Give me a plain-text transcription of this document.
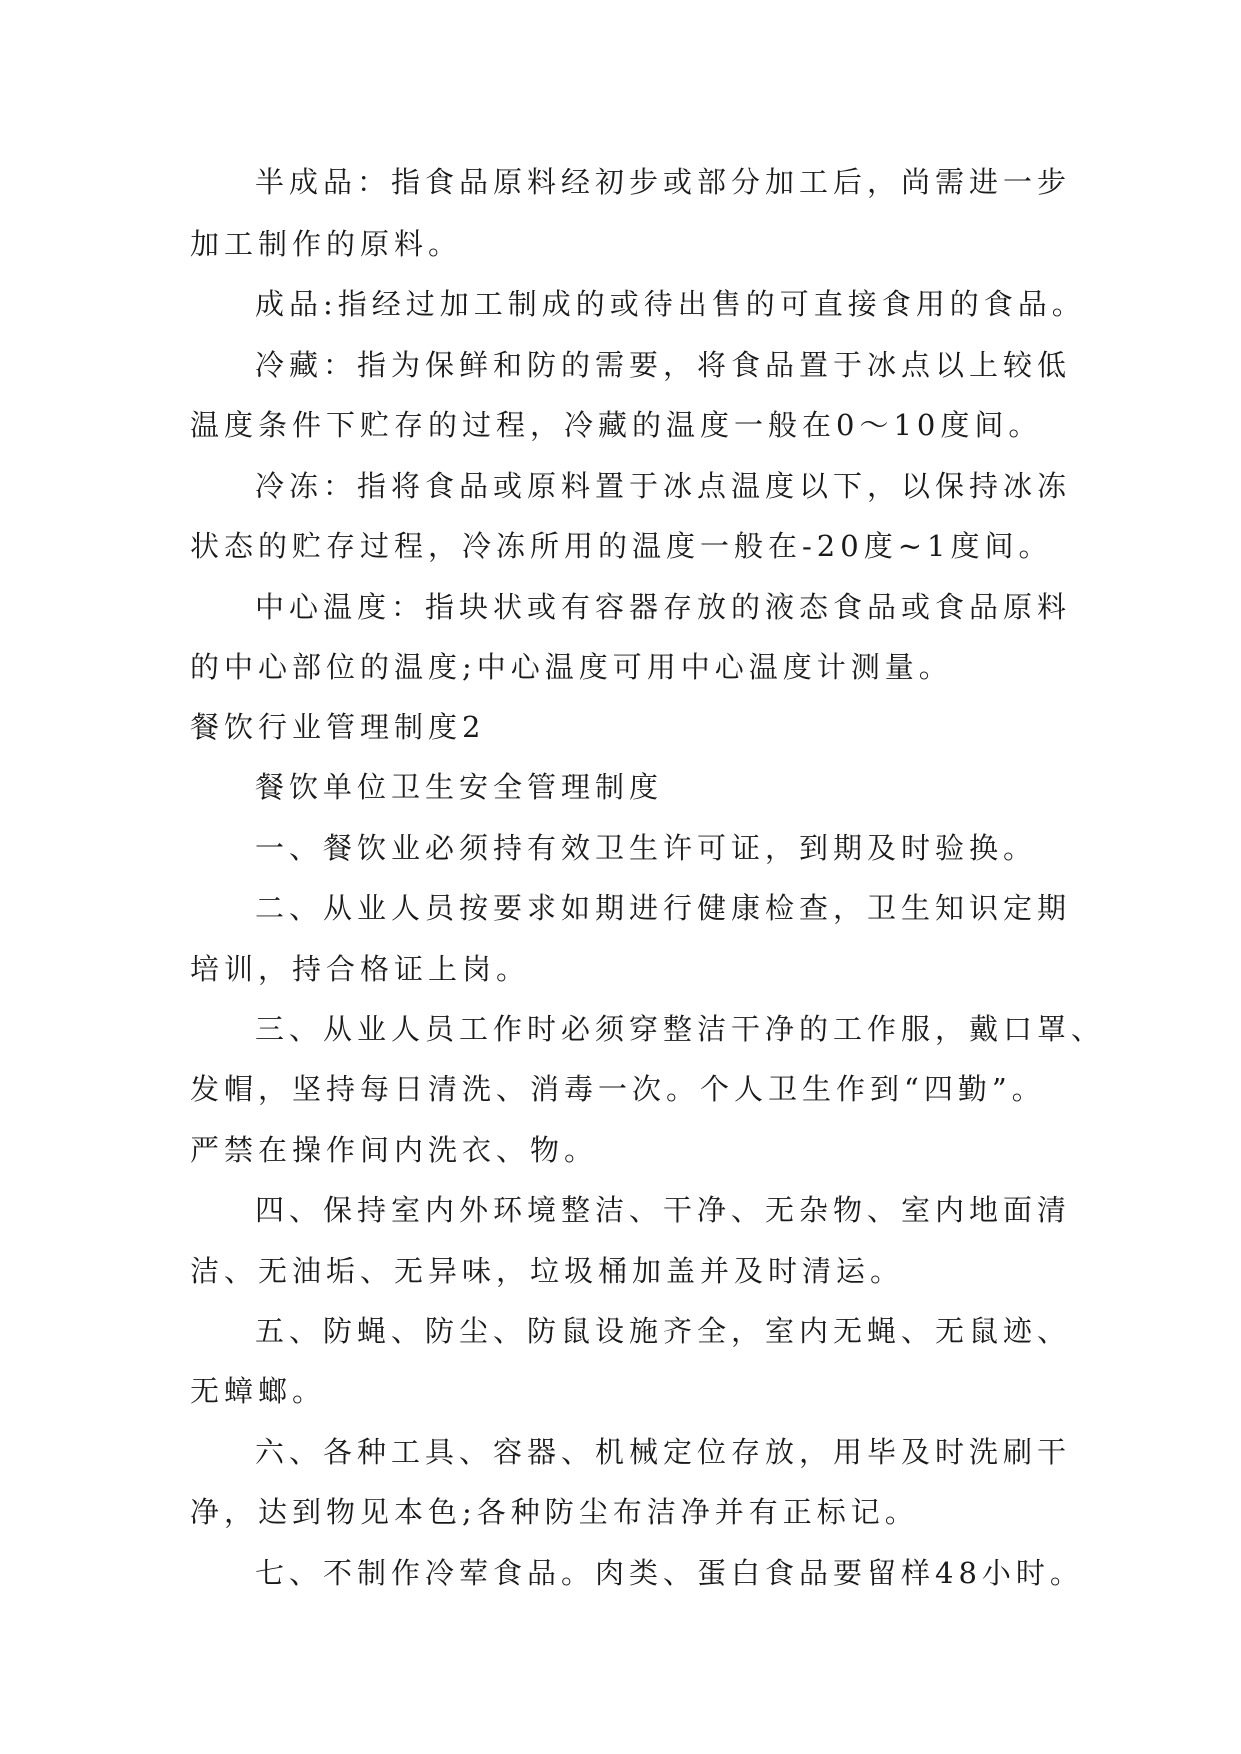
半成品：指食品原料经初步或部分加工后，尚需进一步
加工制作的原料。
成品:指经过加工制成的或待出售的可直接食用的食品。
冷藏：指为保鲜和防的需要，将食品置于冰点以上较低
温度条件下贮存的过程，冷藏的温度一般在0～10度间。
冷冻：指将食品或原料置于冰点温度以下，以保持冰冻
状态的贮存过程，冷冻所用的温度一般在-20度~1度间。
中心温度：指块状或有容器存放的液态食品或食品原料
的中心部位的温度;中心温度可用中心温度计测量。
餐饮行业管理制度2
餐饮单位卫生安全管理制度
一、餐饮业必须持有效卫生许可证，到期及时验换。
二、从业人员按要求如期进行健康检查，卫生知识定期
培训，持合格证上岗。
三、从业人员工作时必须穿整洁干净的工作服，戴口罩、
发帽，坚持每日清洗、消毒一次。个人卫生作到“四勤”。
严禁在操作间内洗衣、物。
四、保持室内外环境整洁、干净、无杂物、室内地面清
洁、无油垢、无异味，垃圾桶加盖并及时清运。
五、防蝇、防尘、防鼠设施齐全，室内无蝇、无鼠迹、
无蟑螂。
六、各种工具、容器、机械定位存放，用毕及时洗刷干
净，达到物见本色;各种防尘布洁净并有正标记。
七、不制作冷荤食品。肉类、蛋白食品要留样48小时。
